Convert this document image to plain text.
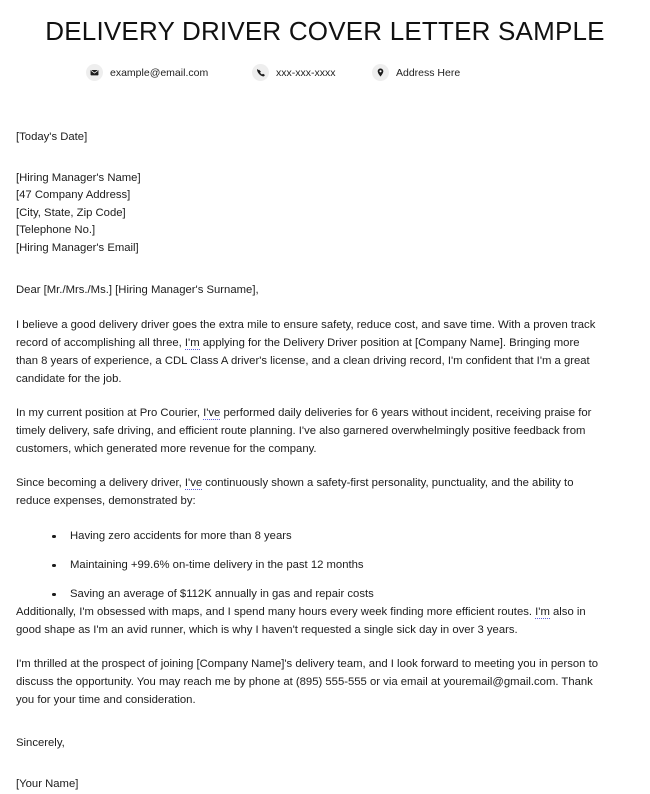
DELIVERY DRIVER COVER LETTER SAMPLE
example@email.com	xxx-xxx-xxxx	Address Here
[Today's Date]
[Hiring Manager's Name]
[47 Company Address]
[City, State, Zip Code]
[Telephone No.]
[Hiring Manager's Email]
Dear [Mr./Mrs./Ms.] [Hiring Manager's Surname],

I believe a good delivery driver goes the extra mile to ensure safety, reduce cost, and save time. With a proven track record of accomplishing all three, I'm applying for the Delivery Driver position at [Company Name]. Bringing more than 8 years of experience, a CDL Class A driver's license, and a clean driving record, I'm confident that I'm a great candidate for the job.

In my current position at Pro Courier, I've performed daily deliveries for 6 years without incident, receiving praise for timely delivery, safe driving, and efficient route planning. I've also garnered overwhelmingly positive feedback from customers, which generated more revenue for the company.

Since becoming a delivery driver, I've continuously shown a safety-first personality, punctuality, and the ability to reduce expenses, demonstrated by:

Having zero accidents for more than 8 years
Maintaining +99.6% on-time delivery in the past 12 months
Saving an average of $112K annually in gas and repair costs

Additionally, I'm obsessed with maps, and I spend many hours every week finding more efficient routes. I'm also in good shape as I'm an avid runner, which is why I haven't requested a single sick day in over 3 years.

I'm thrilled at the prospect of joining [Company Name]'s delivery team, and I look forward to meeting you in person to discuss the opportunity. You may reach me by phone at (895) 555-555 or via email at youremail@gmail.com. Thank you for your time and consideration.

Sincerely,
[Your Name]
